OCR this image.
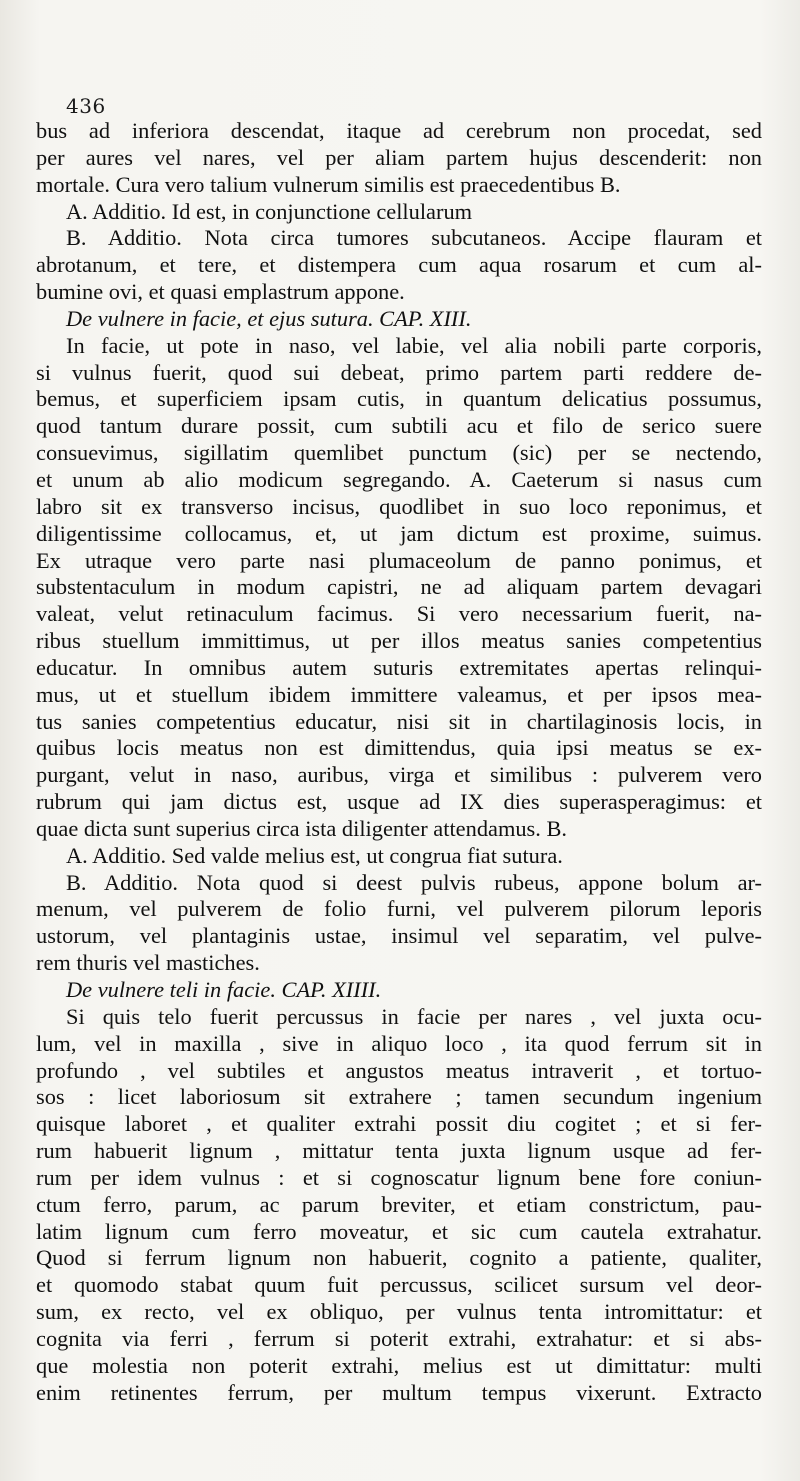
436
bus ad inferiora descendat, itaque ad cerebrum non procedat, sed
per aures vel nares, vel per aliam partem hujus descenderit: non
mortale. Cura vero talium vulnerum similis est praecedentibus B.
A. Additio. Id est, in conjunctione cellularum
B. Additio. Nota circa tumores subcutaneos. Accipe flauram et
abrotanum, et tere, et distempera cum aqua rosarum et cum al-
bumine ovi, et quasi emplastrum appone.
De vulnere in facie, et ejus sutura. CAP. XIII.
In facie, ut pote in naso, vel labie, vel alia nobili parte corporis,
si vulnus fuerit, quod sui debeat, primo partem parti reddere de-
bemus, et superficiem ipsam cutis, in quantum delicatius possumus,
quod tantum durare possit, cum subtili acu et filo de serico suere
consuevimus, sigillatim quemlibet punctum (sic) per se nectendo,
et unum ab alio modicum segregando. A. Caeterum si nasus cum
labro sit ex transverso incisus, quodlibet in suo loco reponimus, et
diligentissime collocamus, et, ut jam dictum est proxime, suimus.
Ex utraque vero parte nasi plumaceolum de panno ponimus, et
substentaculum in modum capistri, ne ad aliquam partem devagari
valeat, velut retinaculum facimus. Si vero necessarium fuerit, na-
ribus stuellum immittimus, ut per illos meatus sanies competentius
educatur. In omnibus autem suturis extremitates apertas relinqui-
mus, ut et stuellum ibidem immittere valeamus, et per ipsos mea-
tus sanies competentius educatur, nisi sit in chartilaginosis locis, in
quibus locis meatus non est dimittendus, quia ipsi meatus se ex-
purgant, velut in naso, auribus, virga et similibus : pulverem vero
rubrum qui jam dictus est, usque ad IX dies superasperagimus: et
quae dicta sunt superius circa ista diligenter attendamus. B.
A. Additio. Sed valde melius est, ut congrua fiat sutura.
B. Additio. Nota quod si deest pulvis rubeus, appone bolum ar-
menum, vel pulverem de folio furni, vel pulverem pilorum leporis
ustorum, vel plantaginis ustae, insimul vel separatim, vel pulve-
rem thuris vel mastiches.
De vulnere teli in facie. CAP. XIIII.
Si quis telo fuerit percussus in facie per nares , vel juxta ocu-
lum, vel in maxilla , sive in aliquo loco , ita quod ferrum sit in
profundo , vel subtiles et angustos meatus intraverit , et tortuo-
sos : licet laboriosum sit extrahere ; tamen secundum ingenium
quisque laboret , et qualiter extrahi possit diu cogitet ; et si fer-
rum habuerit lignum , mittatur tenta juxta lignum usque ad fer-
rum per idem vulnus : et si cognoscatur lignum bene fore coniun-
ctum ferro, parum, ac parum breviter, et etiam constrictum, pau-
latim lignum cum ferro moveatur, et sic cum cautela extrahatur.
Quod si ferrum lignum non habuerit, cognito a patiente, qualiter,
et quomodo stabat quum fuit percussus, scilicet sursum vel deor-
sum, ex recto, vel ex obliquo, per vulnus tenta intromittatur: et
cognita via ferri , ferrum si poterit extrahi, extrahatur: et si abs-
que molestia non poterit extrahi, melius est ut dimittatur: multi
enim retinentes ferrum, per multum tempus vixerunt. Extracto
